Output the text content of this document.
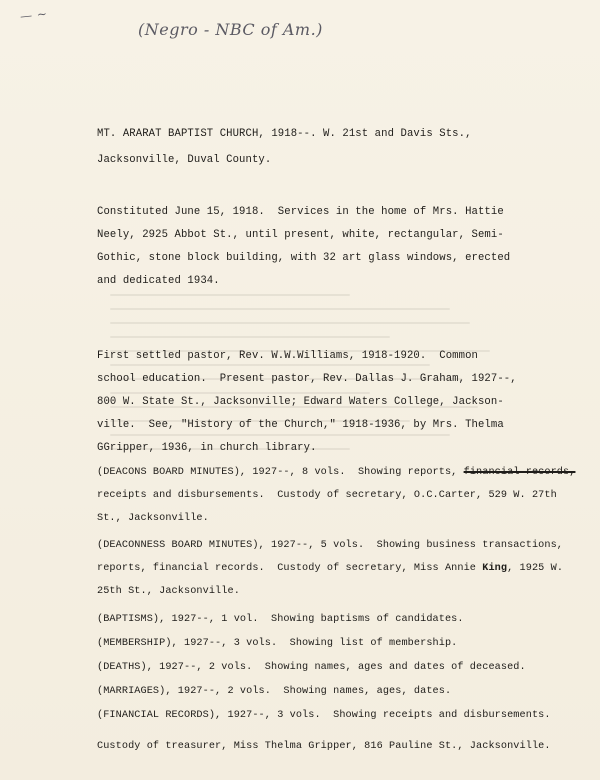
— ~
(Negro - NBC of Am.)
MT. ARARAT BAPTIST CHURCH, 1918--. W. 21st and Davis Sts.,
Jacksonville, Duval County.
Constituted June 15, 1918.  Services in the home of Mrs. Hattie
Neely, 2925 Abbot St., until present, white, rectangular, Semi-
Gothic, stone block building, with 32 art glass windows, erected
and dedicated 1934.
First settled pastor, Rev. W.W.Williams, 1918-1920.  Common
school education.  Present pastor, Rev. Dallas J. Graham, 1927--,
800 W. State St., Jacksonville; Edward Waters College, Jackson-
ville.  See, "History of the Church," 1918-1936, by Mrs. Thelma
GGripper, 1936, in church library.
(DEACONS BOARD MINUTES), 1927--, 8 vols.  Showing reports, financial records,
receipts and disbursements.  Custody of secretary, O.C.Carter, 529 W. 27th
St., Jacksonville.
(DEACONNESS BOARD MINUTES), 1927--, 5 vols.  Showing business transactions,
reports, financial records.  Custody of secretary, Miss Annie King, 1925 W.
25th St., Jacksonville.
(BAPTISMS), 1927--, 1 vol.  Showing baptisms of candidates.
(MEMBERSHIP), 1927--, 3 vols.  Showing list of membership.
(DEATHS), 1927--, 2 vols.  Showing names, ages and dates of deceased.
(MARRIAGES), 1927--, 2 vols.  Showing names, ages, dates.
(FINANCIAL RECORDS), 1927--, 3 vols.  Showing receipts and disbursements.
Custody of treasurer, Miss Thelma Gripper, 816 Pauline St., Jacksonville.
